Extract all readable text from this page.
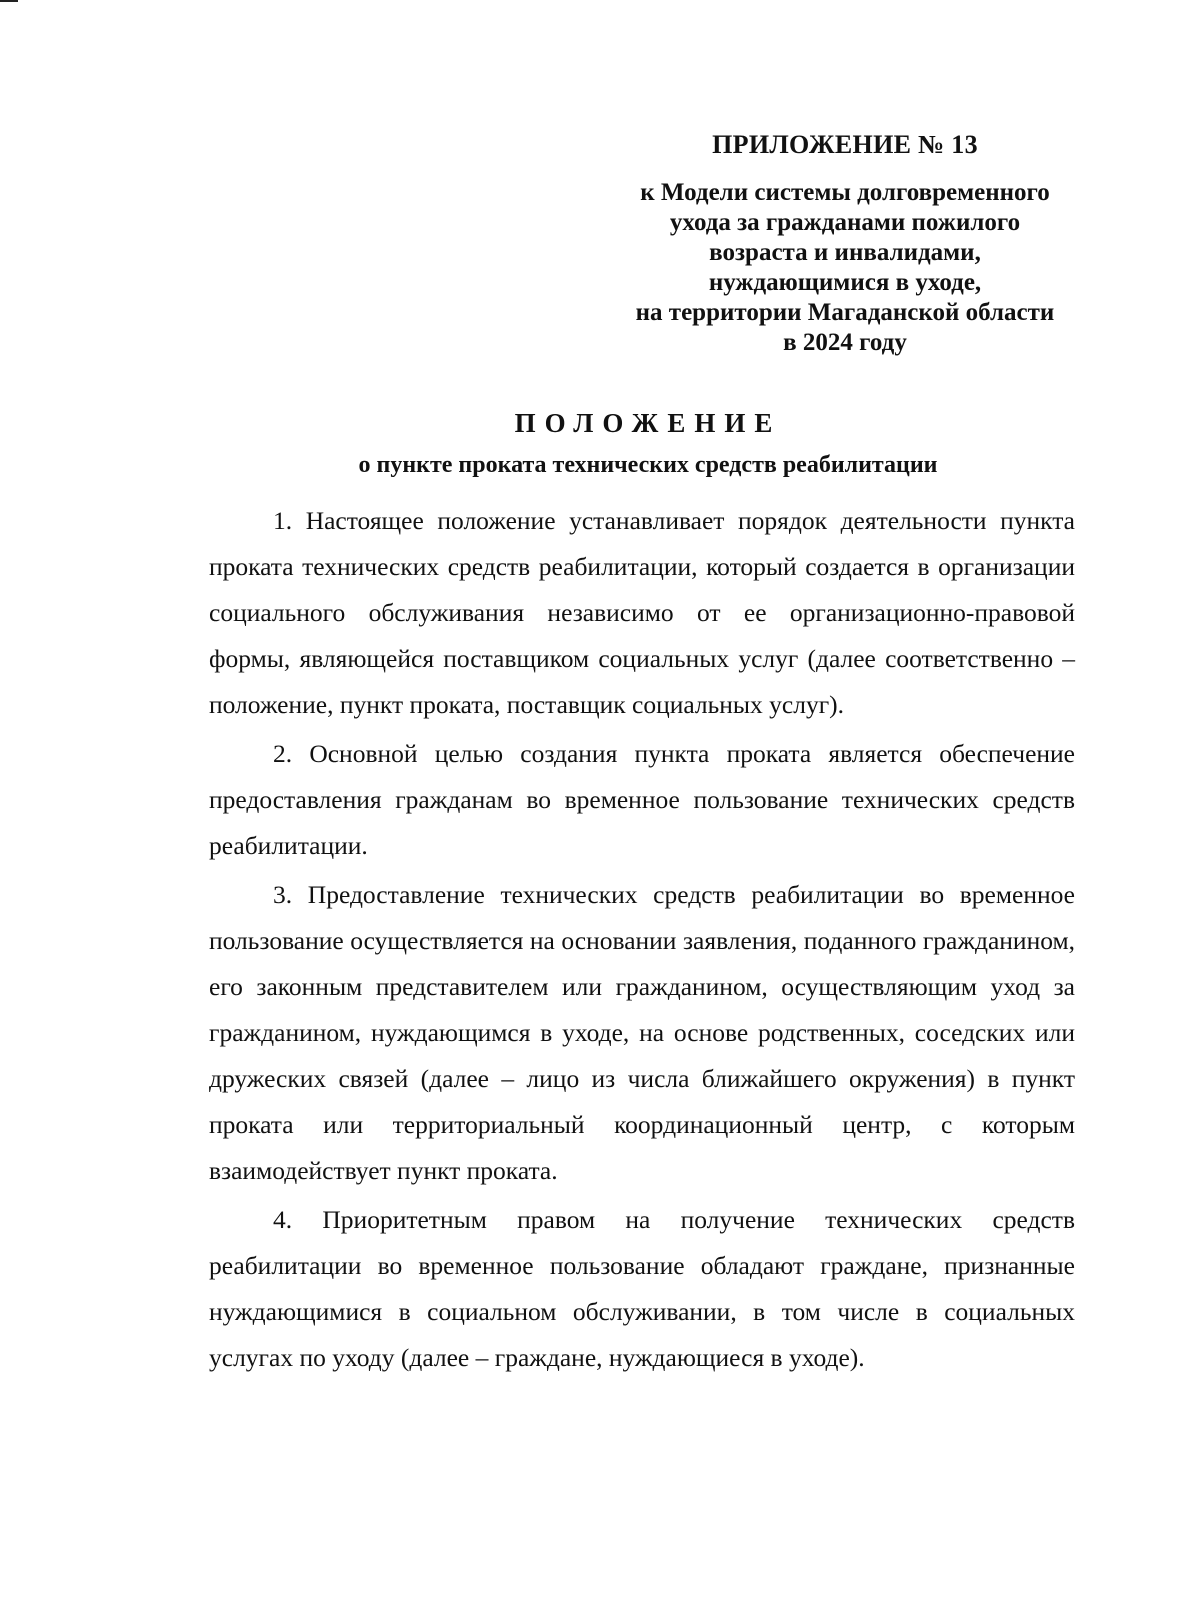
ПРИЛОЖЕНИЕ № 13

к Модели системы долговременного
ухода за гражданами пожилого
возраста и инвалидами,
нуждающимися в уходе,
на территории Магаданской области
в 2024 году

ПОЛОЖЕНИЕ
о пункте проката технических средств реабилитации

1. Настоящее положение устанавливает порядок деятельности пункта проката технических средств реабилитации, который создается в организации социального обслуживания независимо от ее организационно-правовой формы, являющейся поставщиком социальных услуг (далее соответственно – положение, пункт проката, поставщик социальных услуг).

2. Основной целью создания пункта проката является обеспечение предоставления гражданам во временное пользование технических средств реабилитации.

3. Предоставление технических средств реабилитации во временное пользование осуществляется на основании заявления, поданного гражданином, его законным представителем или гражданином, осуществляющим уход за гражданином, нуждающимся в уходе, на основе родственных, соседских или дружеских связей (далее – лицо из числа ближайшего окружения) в пункт проката или территориальный координационный центр, с которым взаимодействует пункт проката.

4. Приоритетным правом на получение технических средств реабилитации во временное пользование обладают граждане, признанные нуждающимися в социальном обслуживании, в том числе в социальных услугах по уходу (далее – граждане, нуждающиеся в уходе).
